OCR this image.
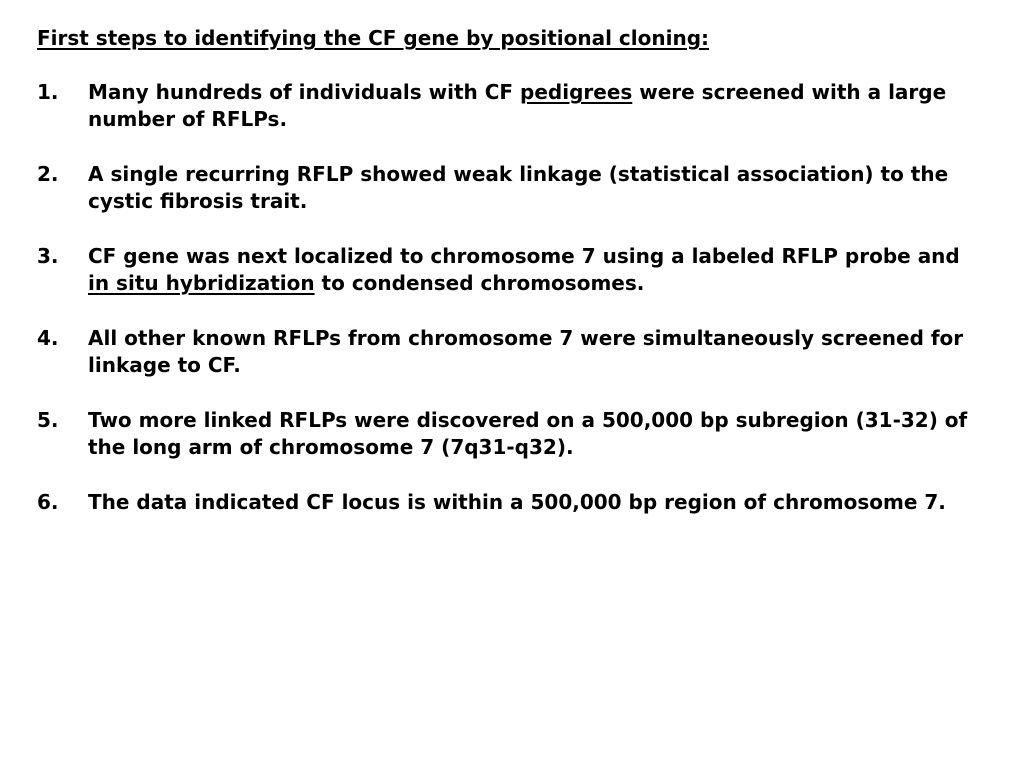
First steps to identifying the CF gene by positional cloning:
1. Many hundreds of individuals with CF pedigrees were screened with a large number of RFLPs.
2. A single recurring RFLP showed weak linkage (statistical association) to the cystic fibrosis trait.
3. CF gene was next localized to chromosome 7 using a labeled RFLP probe and in situ hybridization to condensed chromosomes.
4. All other known RFLPs from chromosome 7 were simultaneously screened for linkage to CF.
5. Two more linked RFLPs were discovered on a 500,000 bp subregion (31-32) of the long arm of chromosome 7 (7q31-q32).
6. The data indicated CF locus is within a 500,000 bp region of chromosome 7.
